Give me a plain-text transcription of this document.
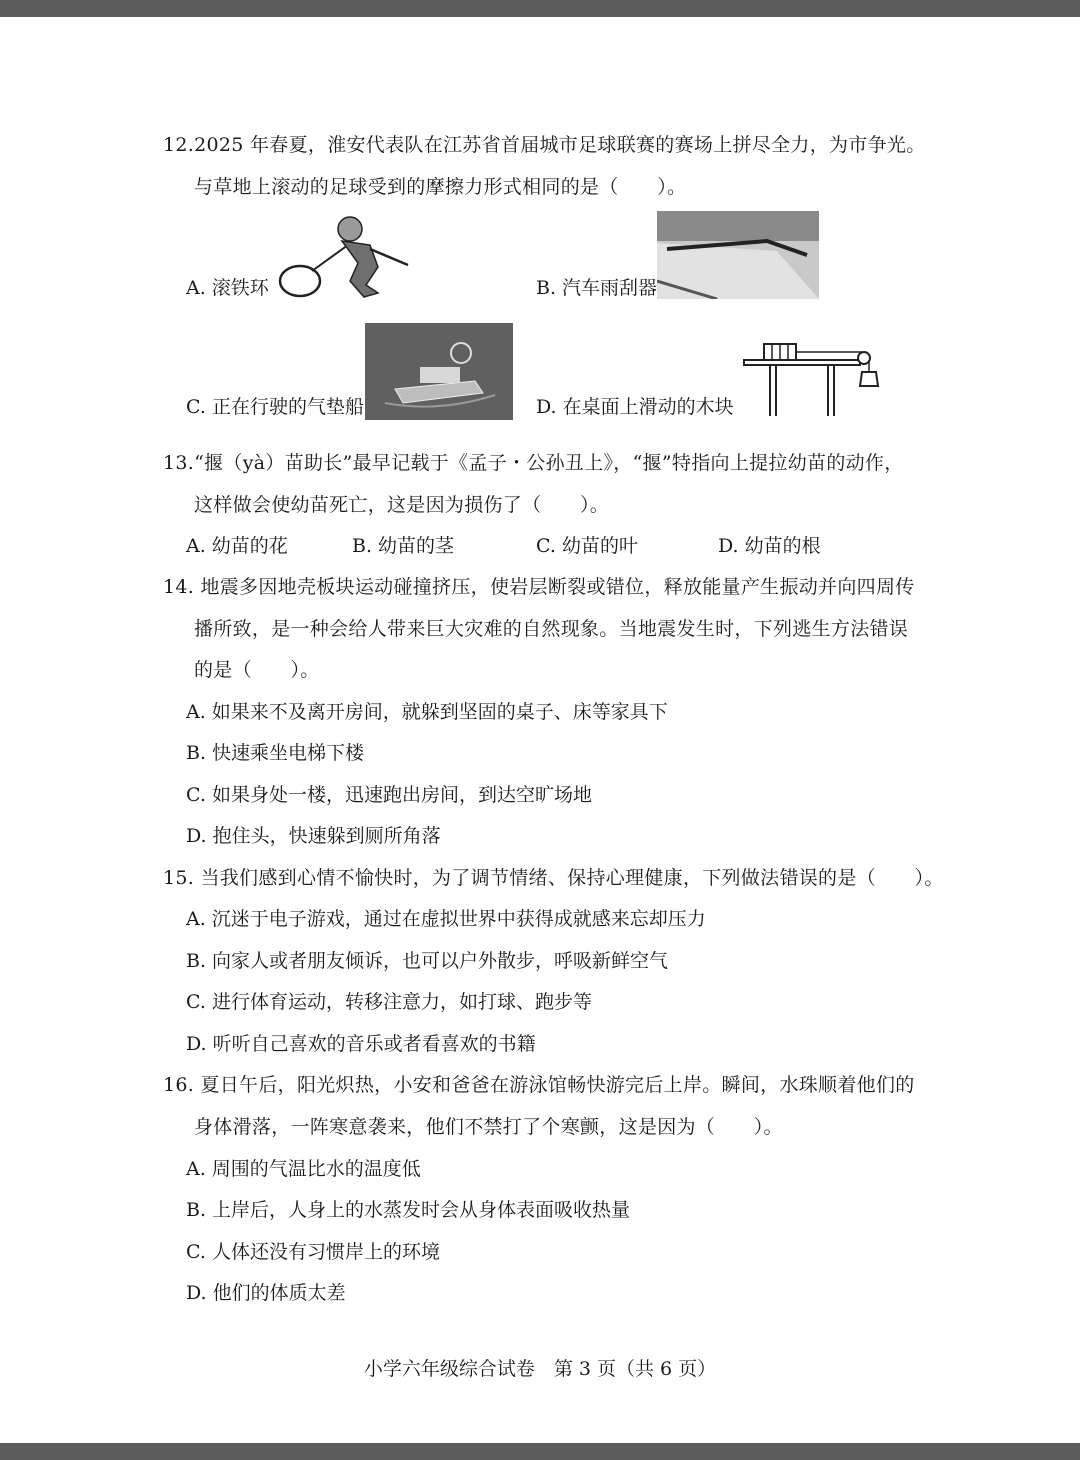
12.2025 年春夏，淮安代表队在江苏省首届城市足球联赛的赛场上拼尽全力，为市争光。
与草地上滚动的足球受到的摩擦力形式相同的是（　　）。
A. 滚铁环	B. 汽车雨刮器
C. 正在行驶的气垫船	D. 在桌面上滑动的木块
13.“揠（yà）苗助长”最早记载于《孟子・公孙丑上》，“揠”特指向上提拉幼苗的动作，
这样做会使幼苗死亡，这是因为损伤了（　　）。
A. 幼苗的花	B. 幼苗的茎	C. 幼苗的叶	D. 幼苗的根
14. 地震多因地壳板块运动碰撞挤压，使岩层断裂或错位，释放能量产生振动并向四周传
播所致，是一种会给人带来巨大灾难的自然现象。当地震发生时，下列逃生方法错误
的是（　　）。
A. 如果来不及离开房间，就躲到坚固的桌子、床等家具下
B. 快速乘坐电梯下楼
C. 如果身处一楼，迅速跑出房间，到达空旷场地
D. 抱住头，快速躲到厕所角落
15. 当我们感到心情不愉快时，为了调节情绪、保持心理健康，下列做法错误的是（　　）。
A. 沉迷于电子游戏，通过在虚拟世界中获得成就感来忘却压力
B. 向家人或者朋友倾诉，也可以户外散步，呼吸新鲜空气
C. 进行体育运动，转移注意力，如打球、跑步等
D. 听听自己喜欢的音乐或者看喜欢的书籍
16. 夏日午后，阳光炽热，小安和爸爸在游泳馆畅快游完后上岸。瞬间，水珠顺着他们的
身体滑落，一阵寒意袭来，他们不禁打了个寒颤，这是因为（　　）。
A. 周围的气温比水的温度低
B. 上岸后，人身上的水蒸发时会从身体表面吸收热量
C. 人体还没有习惯岸上的环境
D. 他们的体质太差
小学六年级综合试卷　第 3 页（共 6 页）
